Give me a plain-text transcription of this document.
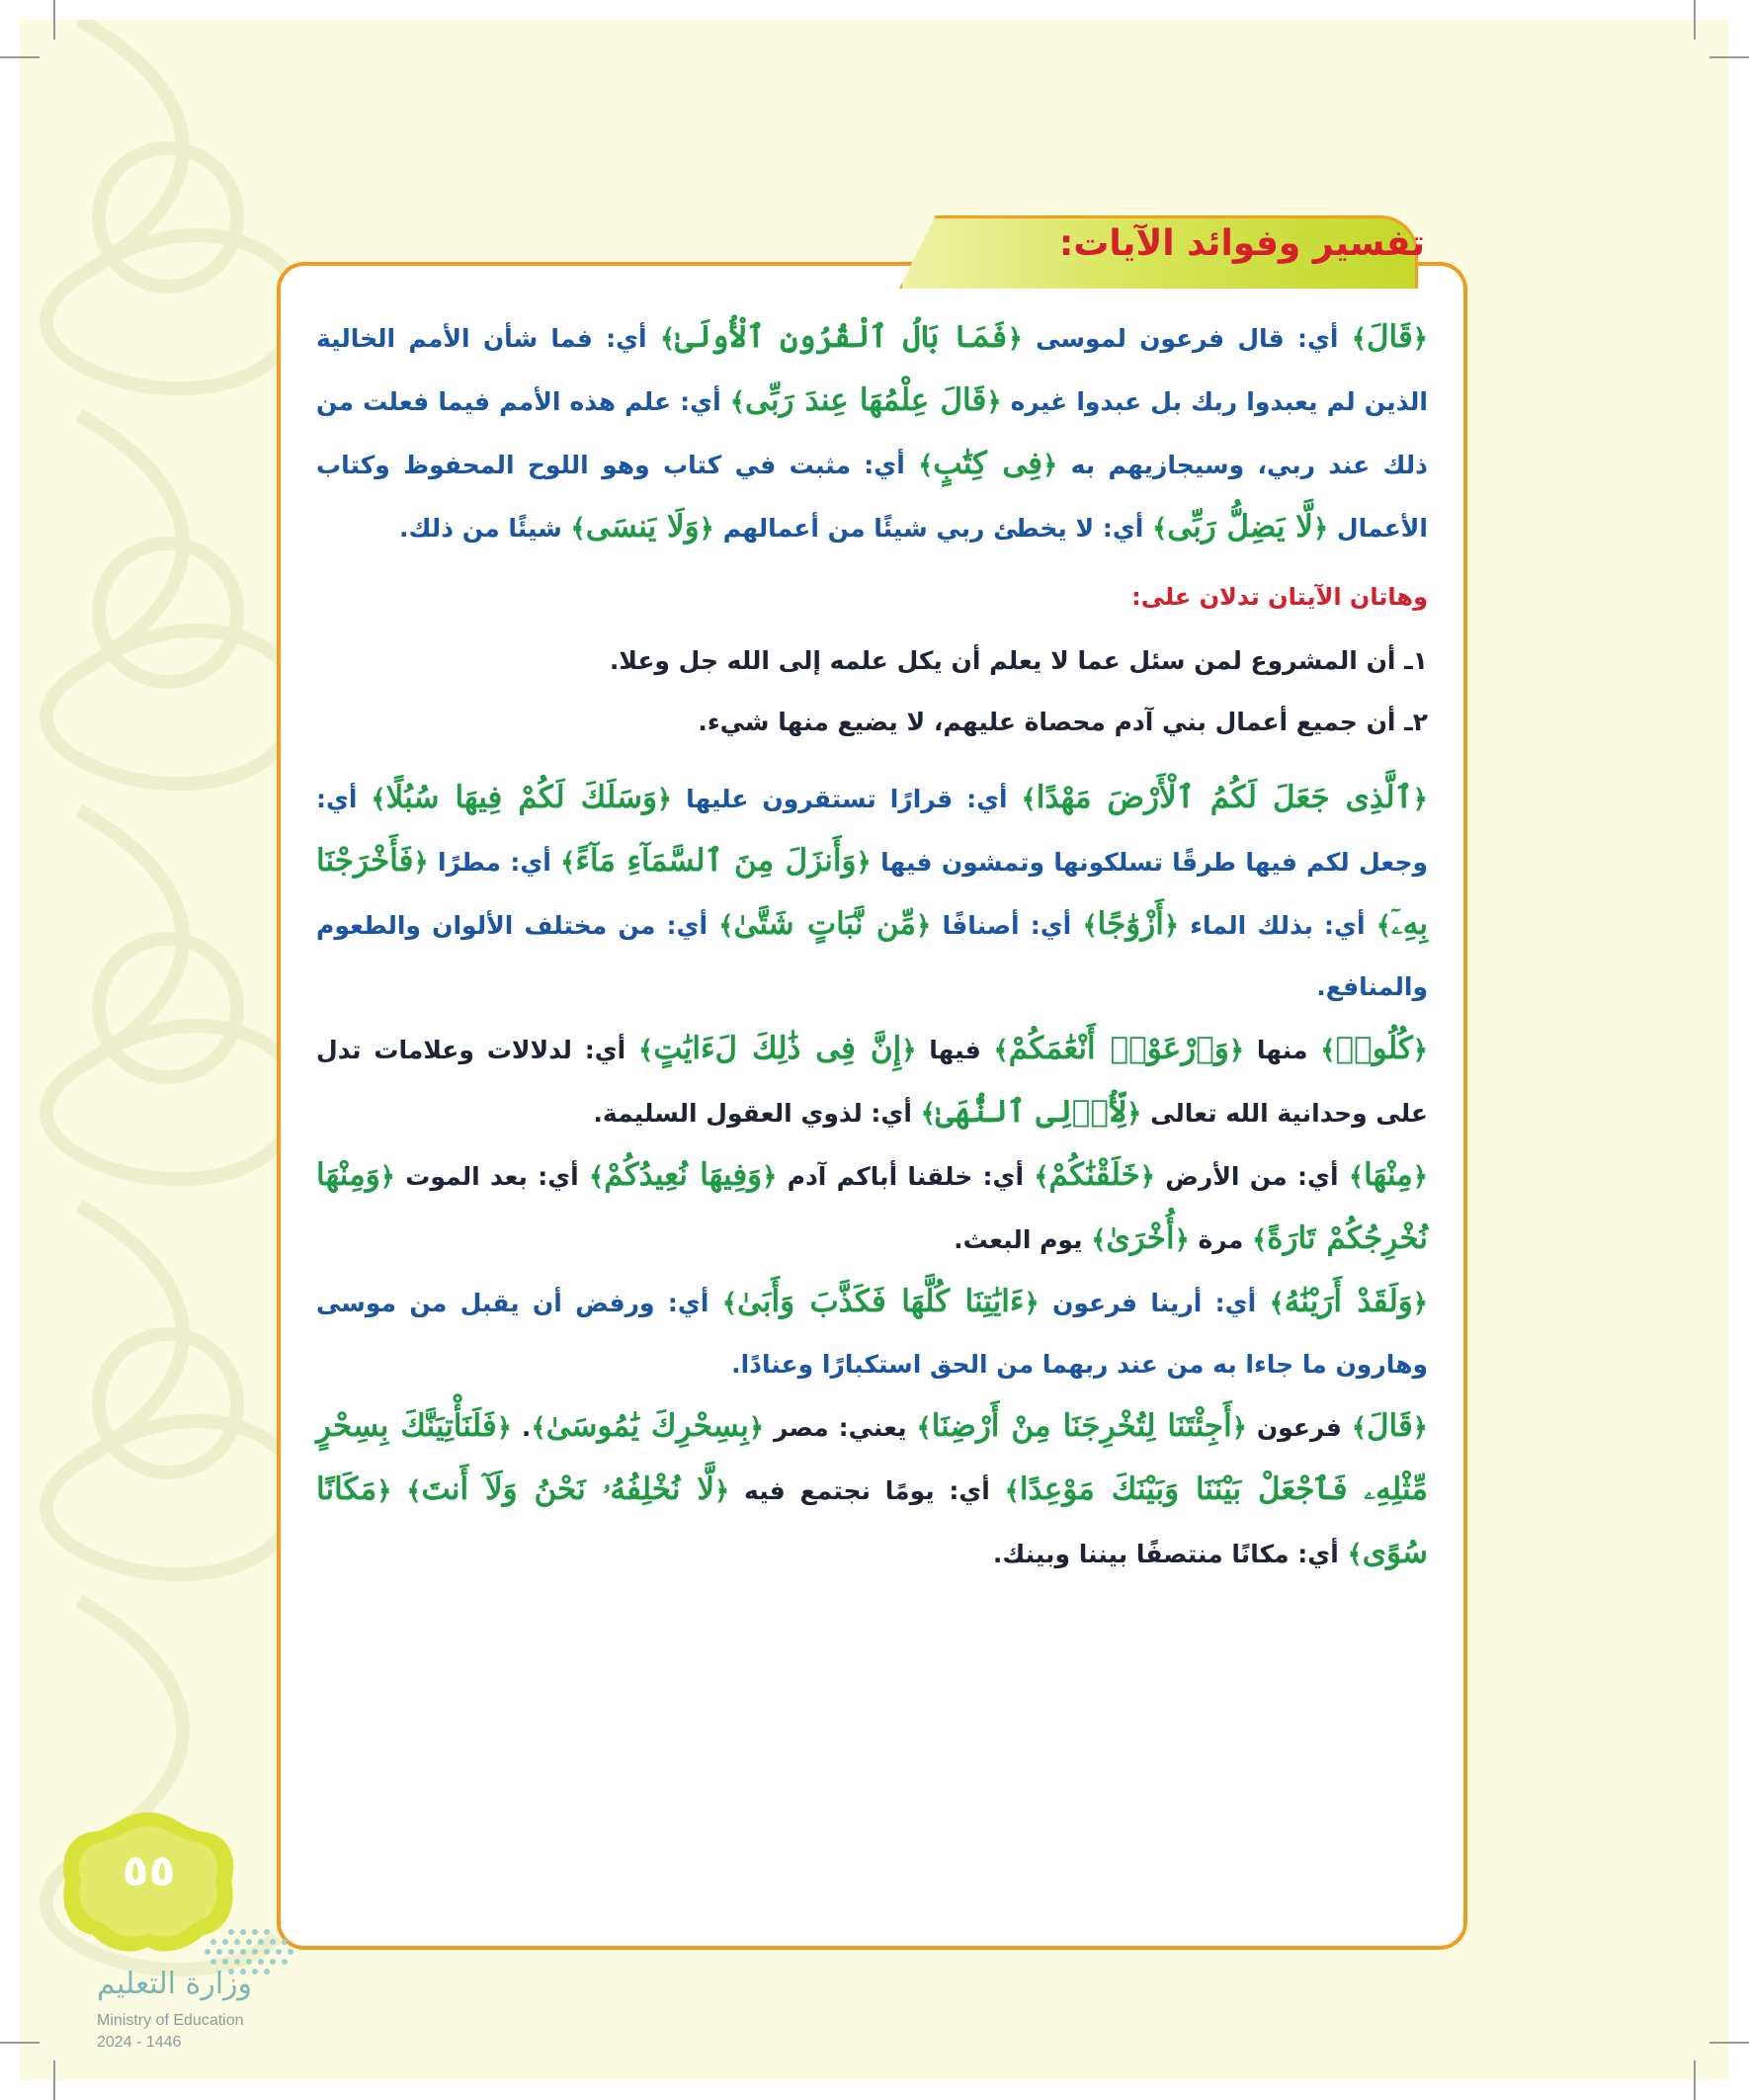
تفسير وفوائد الآيات:

﴿قَالَ﴾ أي: قال فرعون لموسى ﴿فَمَا بَالُ ٱلْقُرُونِ ٱلْأُولَىٰ﴾ أي: فما شأن الأمم الخالية الذين لم يعبدوا ربك بل عبدوا غيره ﴿قَالَ عِلْمُهَا عِندَ رَبِّى﴾ أي: علم هذه الأمم فيما فعلت من ذلك عند ربي، وسيجازيهم به ﴿فِى كِتَٰبٍ﴾ أي: مثبت في كتاب وهو اللوح المحفوظ وكتاب الأعمال ﴿لَّا يَضِلُّ رَبِّى﴾ أي: لا يخطئ ربي شيئًا من أعمالهم ﴿وَلَا يَنسَى﴾ شيئًا من ذلك.

وهاتان الآيتان تدلان على:

١ـ أن المشروع لمن سئل عما لا يعلم أن يكل علمه إلى الله جل وعلا.

٢ـ أن جميع أعمال بني آدم محصاة عليهم، لا يضيع منها شيء.

﴿ٱلَّذِى جَعَلَ لَكُمُ ٱلْأَرْضَ مَهْدًا﴾ أي: قرارًا تستقرون عليها ﴿وَسَلَكَ لَكُمْ فِيهَا سُبُلًا﴾ أي: وجعل لكم فيها طرقًا تسلكونها وتمشون فيها ﴿وَأَنزَلَ مِنَ ٱلسَّمَآءِ مَآءً﴾ أي: مطرًا ﴿فَأَخْرَجْنَا بِهِۦٓ﴾ أي: بذلك الماء ﴿أَزْوَٰجًا﴾ أي: أصنافًا ﴿مِّن نَّبَاتٍ شَتَّىٰ﴾ أي: من مختلف الألوان والطعوم والمنافع.

﴿كُلُوا۟﴾ منها ﴿وَٱرْعَوْا۟ أَنْعَٰمَكُمْ﴾ فيها ﴿إِنَّ فِى ذَٰلِكَ لَءَايَٰتٍ﴾ أي: لدلالات وعلامات تدل على وحدانية الله تعالى ﴿لِّأُو۟لِى ٱلنُّهَىٰ﴾ أي: لذوي العقول السليمة.

﴿مِنْهَا﴾ أي: من الأرض ﴿خَلَقْنَٰكُمْ﴾ أي: خلقنا أباكم آدم ﴿وَفِيهَا نُعِيدُكُمْ﴾ أي: بعد الموت ﴿وَمِنْهَا نُخْرِجُكُمْ تَارَةً﴾ مرة ﴿أُخْرَىٰ﴾ يوم البعث.

﴿وَلَقَدْ أَرَيْنَٰهُ﴾ أي: أرينا فرعون ﴿ءَايَٰتِنَا كُلَّهَا فَكَذَّبَ وَأَبَىٰ﴾ أي: ورفض أن يقبل من موسى وهارون ما جاءا به من عند ربهما من الحق استكبارًا وعنادًا.

﴿قَالَ﴾ فرعون ﴿أَجِئْتَنَا لِتُخْرِجَنَا مِنْ أَرْضِنَا﴾ يعني: مصر ﴿بِسِحْرِكَ يَٰمُوسَىٰ﴾. ﴿فَلَنَأْتِيَنَّكَ بِسِحْرٍ مِّثْلِهِۦ فَٱجْعَلْ بَيْنَنَا وَبَيْنَكَ مَوْعِدًا﴾ أي: يومًا نجتمع فيه ﴿لَّا نُخْلِفُهُۥ نَحْنُ وَلَآ أَنتَ﴾ ﴿مَكَانًا سُوًى﴾ أي: مكانًا منتصفًا بيننا وبينك.

٥٥
وزارة التعليم
Ministry of Education
2024 - 1446
